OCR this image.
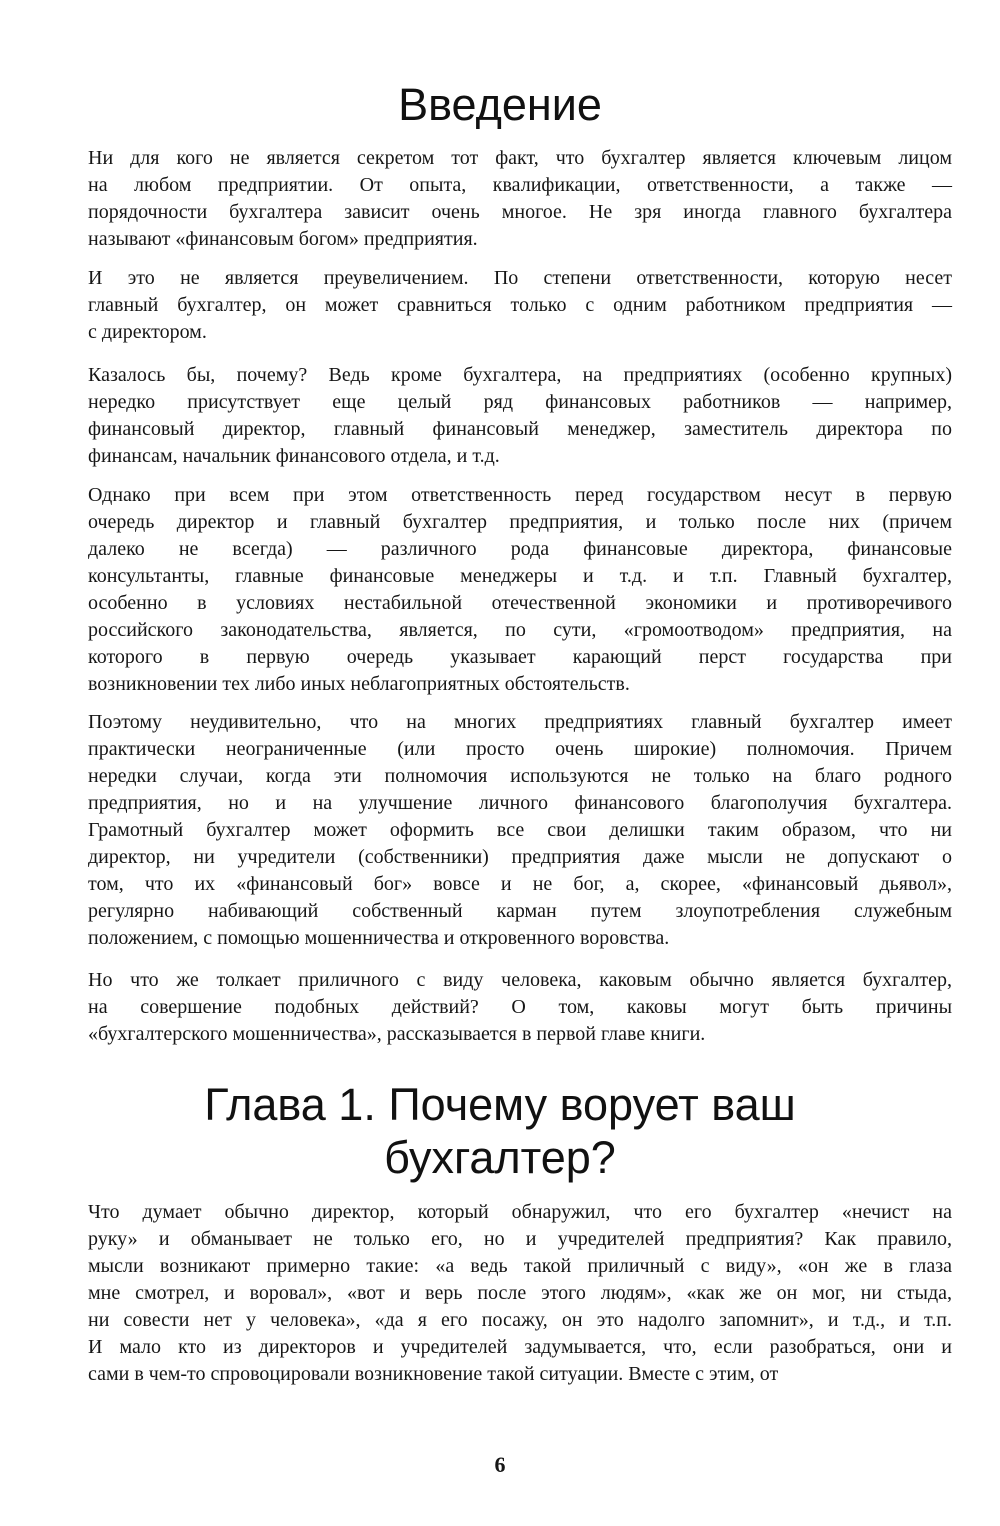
Введение
Ни для кого не является секретом тот факт, что бухгалтер является ключевым лицом
на любом предприятии. От опыта, квалификации, ответственности, а также —
порядочности бухгалтера зависит очень многое. Не зря иногда главного бухгалтера
называют «финансовым богом» предприятия.
И это не является преувеличением. По степени ответственности, которую несет
главный бухгалтер, он может сравниться только с одним работником предприятия —
с директором.
Казалось бы, почему? Ведь кроме бухгалтера, на предприятиях (особенно крупных)
нередко присутствует еще целый ряд финансовых работников — например,
финансовый директор, главный финансовый менеджер, заместитель директора по
финансам, начальник финансового отдела, и т.д.
Однако при всем при этом ответственность перед государством несут в первую
очередь директор и главный бухгалтер предприятия, и только после них (причем
далеко не всегда) — различного рода финансовые директора, финансовые
консультанты, главные финансовые менеджеры и т.д. и т.п. Главный бухгалтер,
особенно в условиях нестабильной отечественной экономики и противоречивого
российского законодательства, является, по сути, «громоотводом» предприятия, на
которого в первую очередь указывает карающий перст государства при
возникновении тех либо иных неблагоприятных обстоятельств.
Поэтому неудивительно, что на многих предприятиях главный бухгалтер имеет
практически неограниченные (или просто очень широкие) полномочия. Причем
нередки случаи, когда эти полномочия используются не только на благо родного
предприятия, но и на улучшение личного финансового благополучия бухгалтера.
Грамотный бухгалтер может оформить все свои делишки таким образом, что ни
директор, ни учредители (собственники) предприятия даже мысли не допускают о
том, что их «финансовый бог» вовсе и не бог, а, скорее, «финансовый дьявол»,
регулярно набивающий собственный карман путем злоупотребления служебным
положением, с помощью мошенничества и откровенного воровства.
Но что же толкает приличного с виду человека, каковым обычно является бухгалтер,
на совершение подобных действий? О том, каковы могут быть причины
«бухгалтерского мошенничества», рассказывается в первой главе книги.
Глава 1. Почему ворует ваш
бухгалтер?
Что думает обычно директор, который обнаружил, что его бухгалтер «нечист на
руку» и обманывает не только его, но и учредителей предприятия? Как правило,
мысли возникают примерно такие: «а ведь такой приличный с виду», «он же в глаза
мне смотрел, и воровал», «вот и верь после этого людям», «как же он мог, ни стыда,
ни совести нет у человека», «да я его посажу, он это надолго запомнит», и т.д., и т.п.
И мало кто из директоров и учредителей задумывается, что, если разобраться, они и
сами в чем-то спровоцировали возникновение такой ситуации. Вместе с этим, от
6
